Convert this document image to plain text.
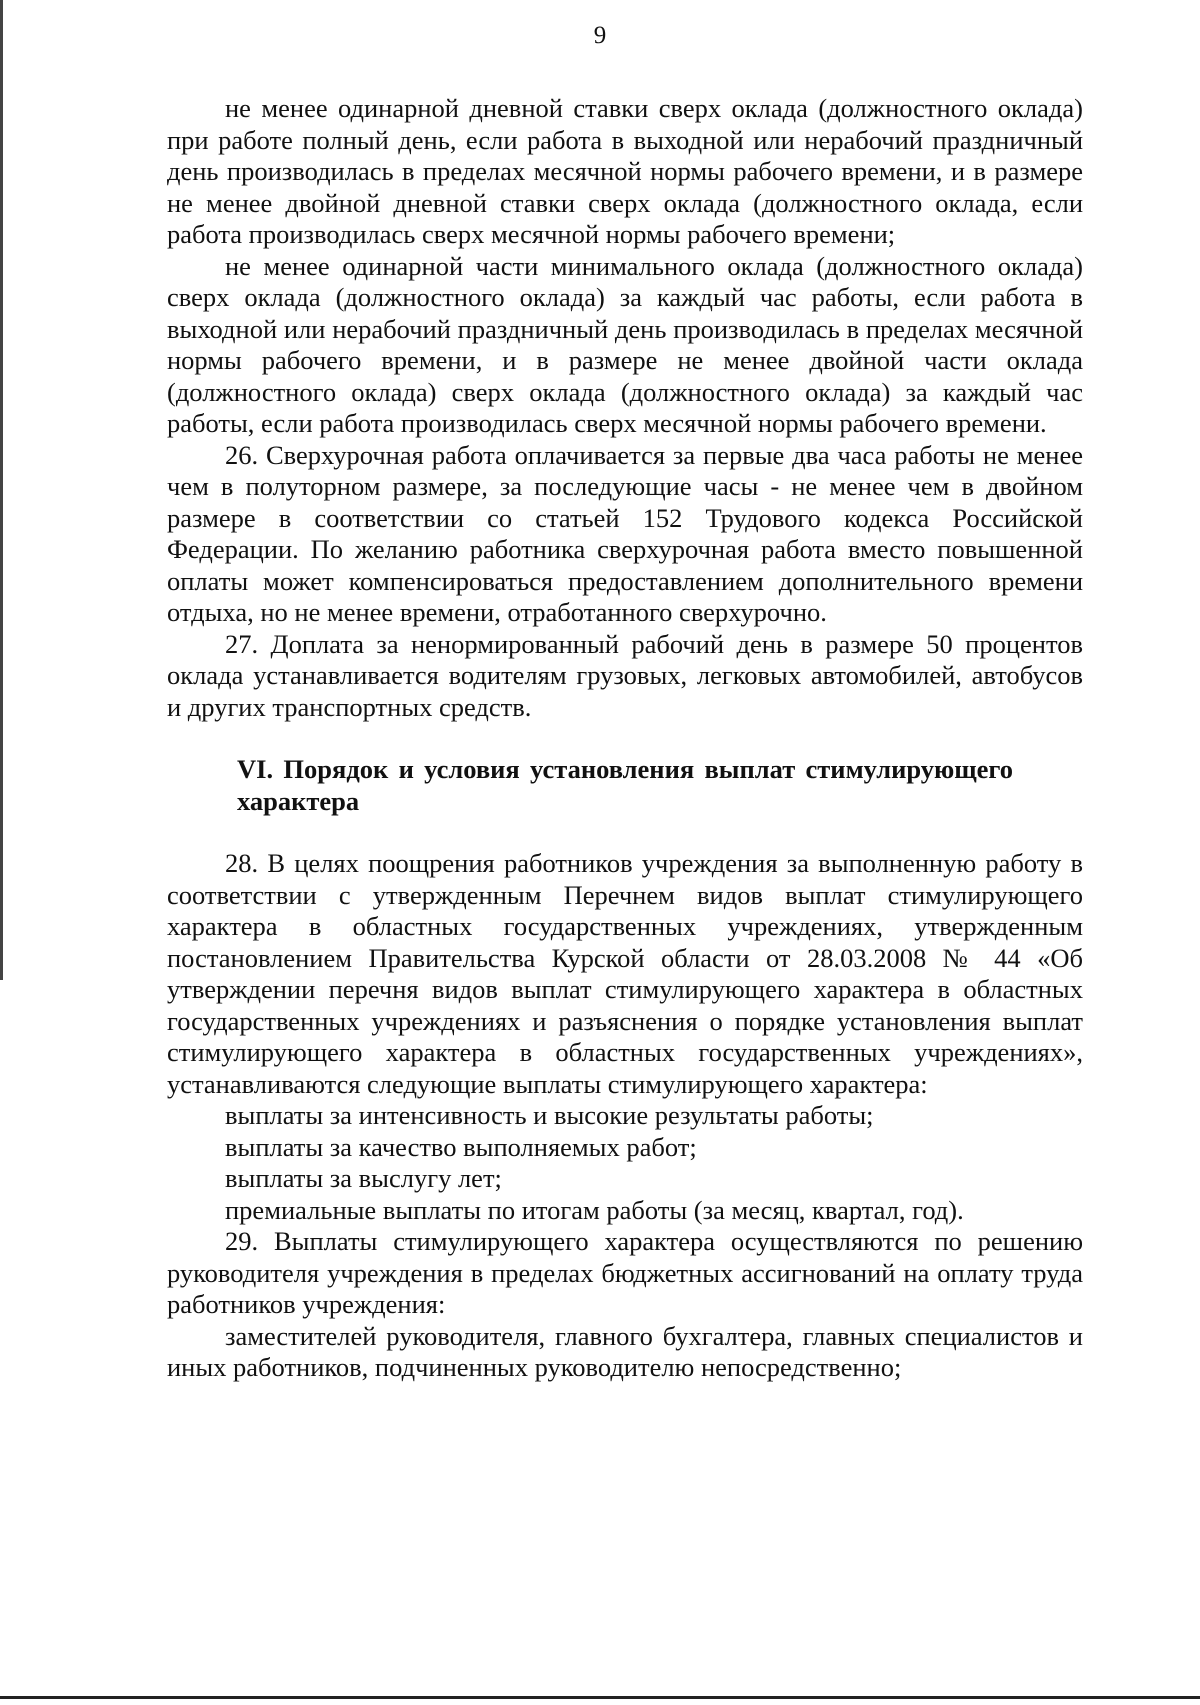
9

не менее одинарной дневной ставки сверх оклада (должностного оклада) при работе полный день, если работа в выходной или нерабочий праздничный день производилась в пределах месячной нормы рабочего времени, и в размере не менее двойной дневной ставки сверх оклада (должностного оклада, если работа производилась сверх месячной нормы рабочего времени;

не менее одинарной части минимального оклада (должностного оклада) сверх оклада (должностного оклада) за каждый час работы, если работа в выходной или нерабочий праздничный день производилась в пределах месячной нормы рабочего времени, и в размере не менее двойной части оклада (должностного оклада) сверх оклада (должностного оклада) за каждый час работы, если работа производилась сверх месячной нормы рабочего времени.

26. Сверхурочная работа оплачивается за первые два часа работы не менее чем в полуторном размере, за последующие часы - не менее чем в двойном размере в соответствии со статьей 152 Трудового кодекса Российской Федерации. По желанию работника сверхурочная работа вместо повышенной оплаты может компенсироваться предоставлением дополнительного времени отдыха, но не менее времени, отработанного сверхурочно.

27. Доплата за ненормированный рабочий день в размере 50 процентов оклада устанавливается водителям грузовых, легковых автомобилей, автобусов и других транспортных средств.

VI. Порядок и условия установления выплат стимулирующего характера

28. В целях поощрения работников учреждения за выполненную работу в соответствии с утвержденным Перечнем видов выплат стимулирующего характера в областных государственных учреждениях, утвержденным постановлением Правительства Курской области от 28.03.2008 № 44 «Об утверждении перечня видов выплат стимулирующего характера в областных государственных учреждениях и разъяснения о порядке установления выплат стимулирующего характера в областных государственных учреждениях», устанавливаются следующие выплаты стимулирующего характера:

выплаты за интенсивность и высокие результаты работы;

выплаты за качество выполняемых работ;

выплаты за выслугу лет;

премиальные выплаты по итогам работы (за месяц, квартал, год).

29. Выплаты стимулирующего характера осуществляются по решению руководителя учреждения в пределах бюджетных ассигнований на оплату труда работников учреждения:

заместителей руководителя, главного бухгалтера, главных специалистов и иных работников, подчиненных руководителю непосредственно;
